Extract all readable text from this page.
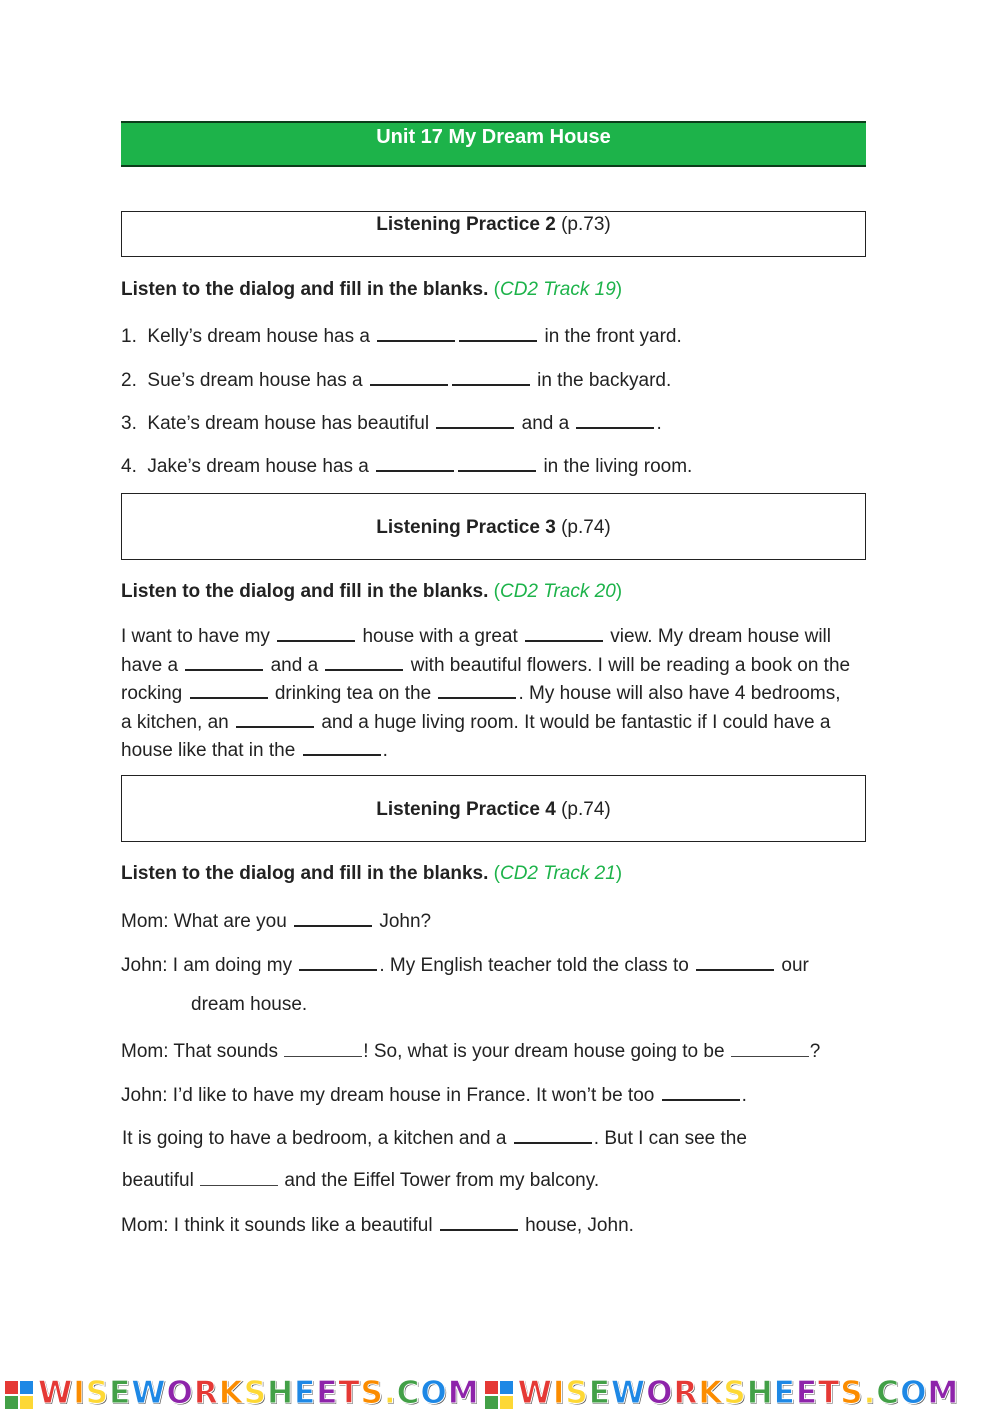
Unit 17 My Dream House
Listening Practice 2 (p.73)
Listen to the dialog and fill in the blanks. (CD2 Track 19)
1. Kelly’s dream house has a	in the front yard.
2. Sue’s dream house has a	in the backyard.
3. Kate’s dream house has beautiful	and a	.
4. Jake’s dream house has a	in the living room.
Listening Practice 3 (p.74)
Listen to the dialog and fill in the blanks. (CD2 Track 20)
I want to have my	house with a great	view. My dream house will
have a	and a	with beautiful flowers. I will be reading a book on the
rocking	drinking tea on the	. My house will also have 4 bedrooms,
a kitchen, an	and a huge living room. It would be fantastic if I could have a
house like that in the	.
Listening Practice 4 (p.74)
Listen to the dialog and fill in the blanks. (CD2 Track 21)
Mom: What are you	John?
John: I am doing my	. My English teacher told the class to	our
dream house.
Mom: That sounds	! So, what is your dream house going to be	?
John: I’d like to have my dream house in France. It won’t be too	.
It is going to have a bedroom, a kitchen and a	. But I can see the
beautiful	and the Eiffel Tower from my balcony.
Mom: I think it sounds like a beautiful	house, John.
WISEWORKSHEETS.COM WISEWORKSHEETS.COM
